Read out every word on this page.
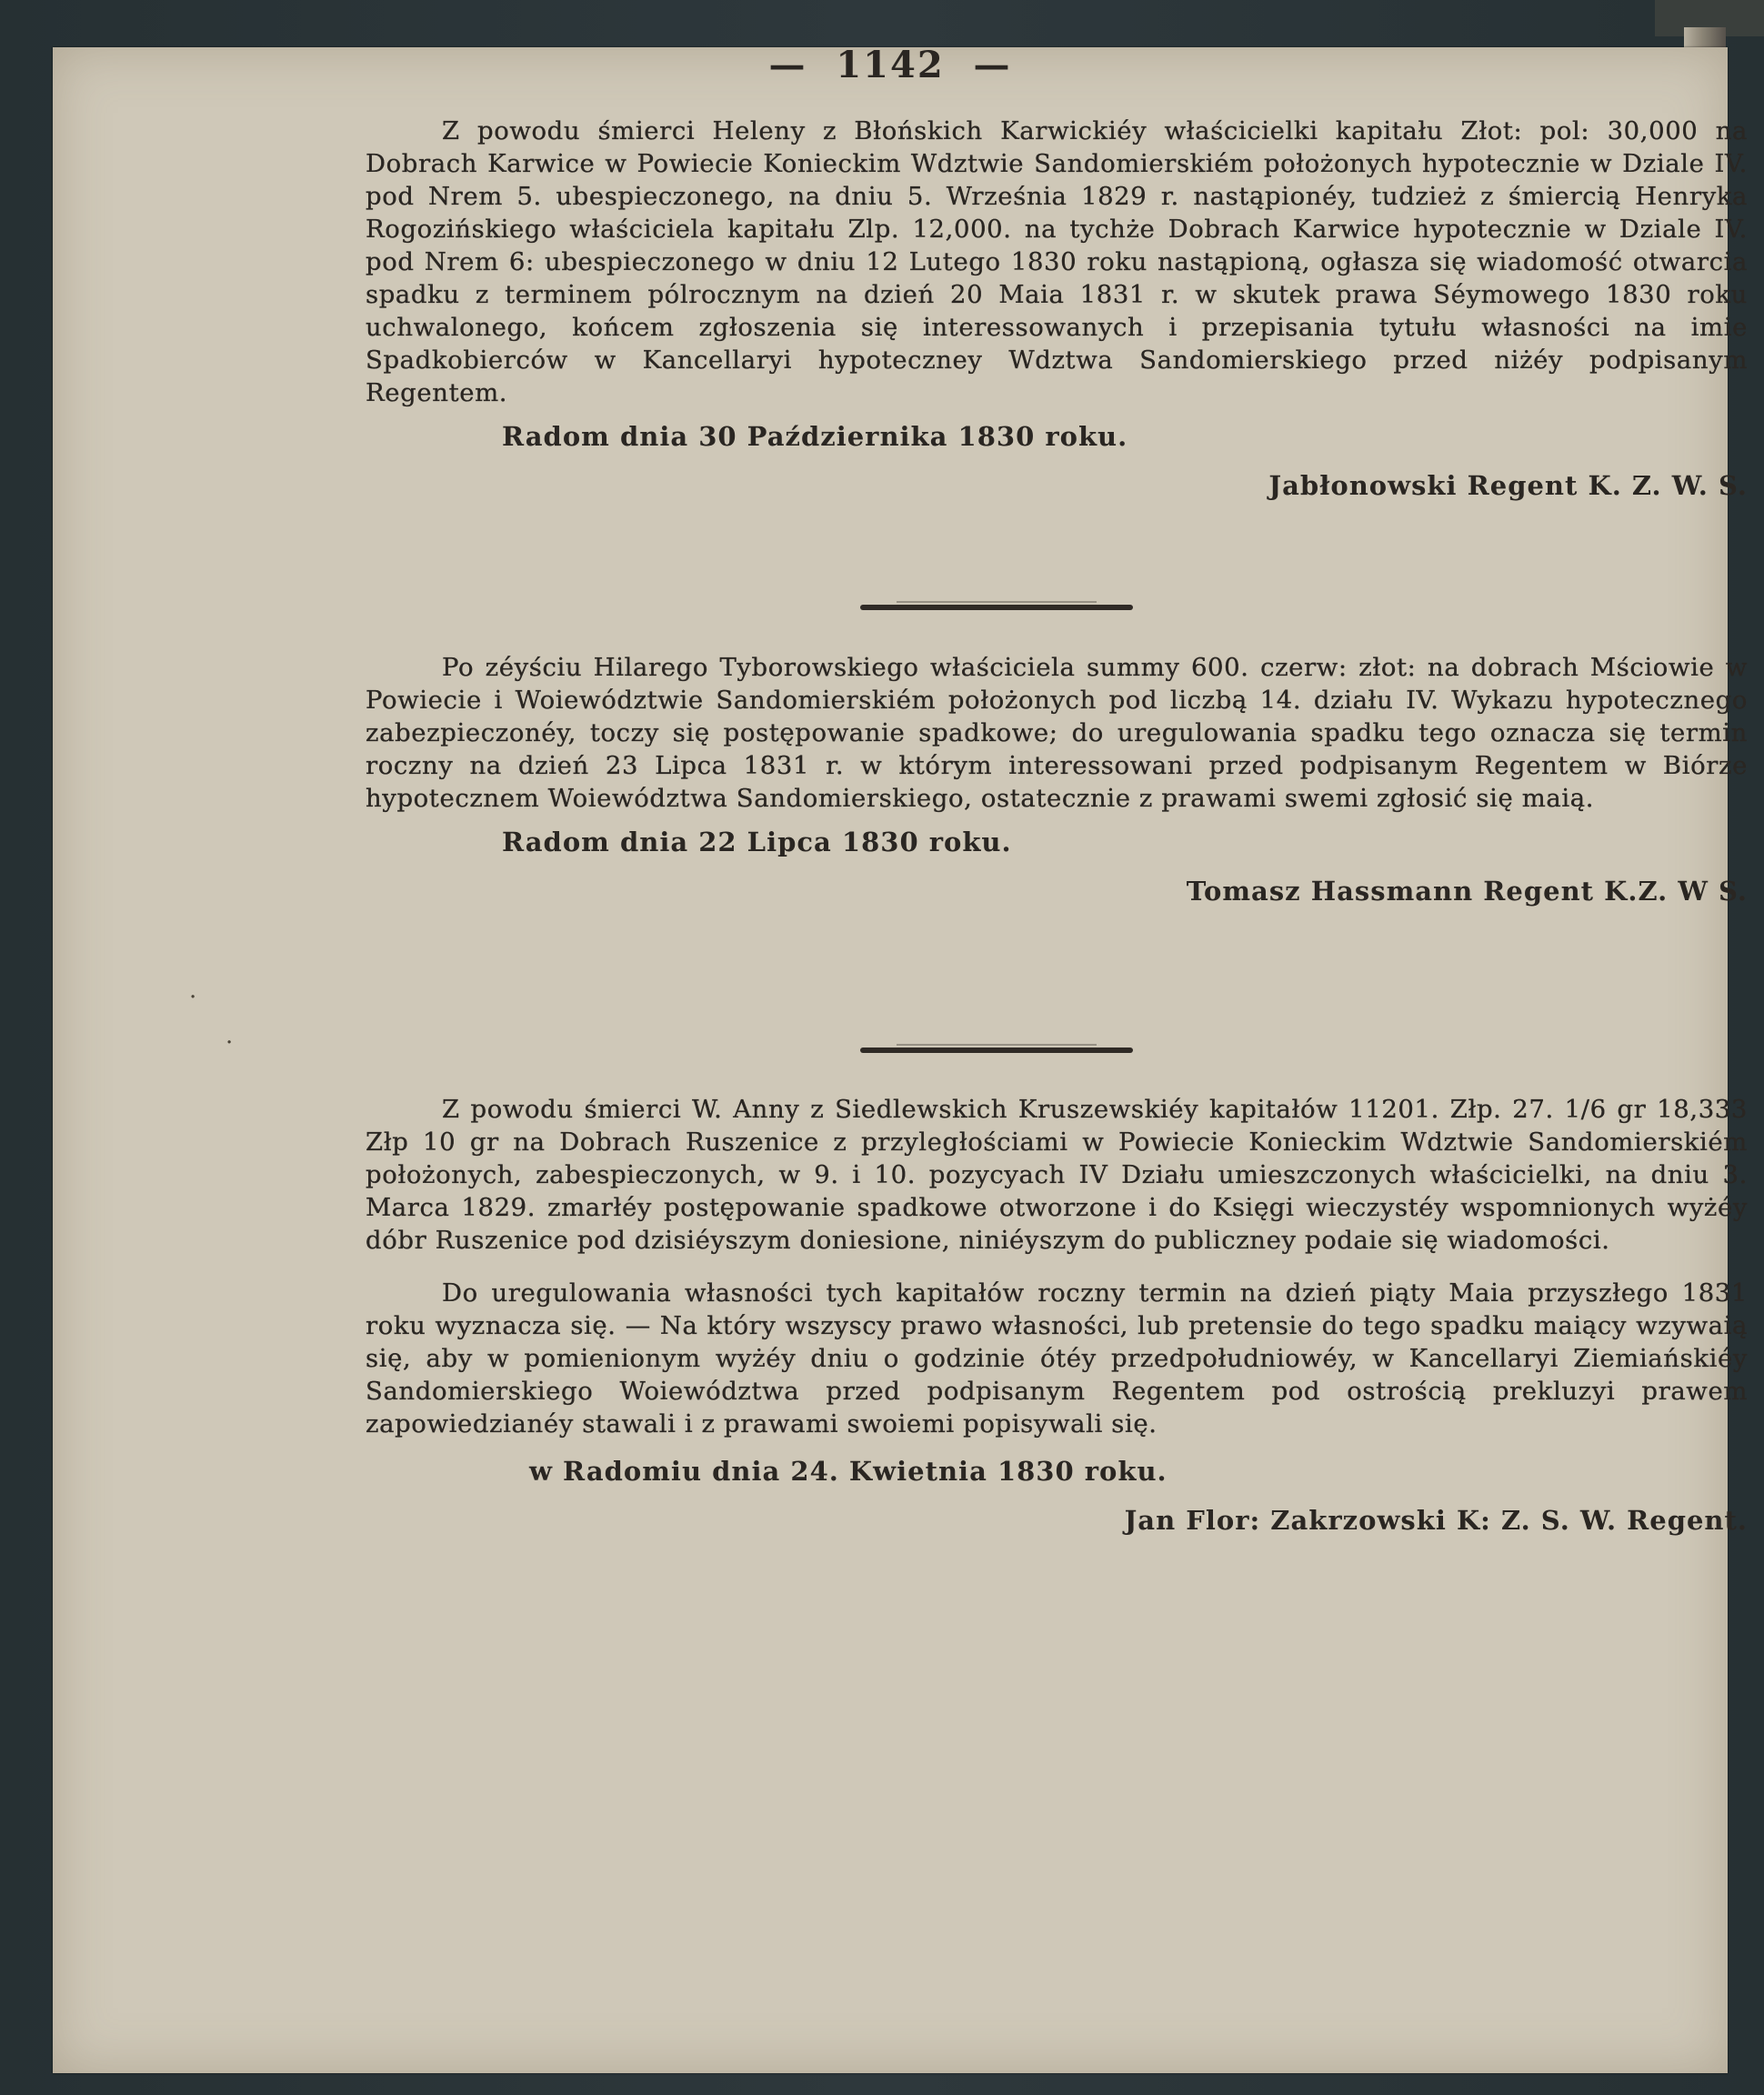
—  1142  —

Z powodu śmierci Heleny z Błońskich Karwickiéy właścicielki kapitału Złot: pol: 30,000 na Dobrach Karwice w Powiecie Konieckim Wdztwie Sandomierskiém położonych hypotecznie w Dziale IV. pod Nrem 5. ubespieczonego, na dniu 5. Września 1829 r. nastąpionéy, tudzież z śmiercią Henryka Rogozińskiego właściciela kapitału Zlp. 12,000. na tychże Dobrach Karwice hypotecznie w Dziale IV. pod Nrem 6: ubespieczonego w dniu 12 Lutego 1830 roku nastąpioną, ogłasza się wiadomość otwarcia spadku z terminem pólrocznym na dzień 20 Maia 1831 r. w skutek prawa Séymowego 1830 roku uchwalonego, końcem zgłoszenia się interessowanych i przepisania tytułu własności na imie Spadkobierców w Kancellaryi hypoteczney Wdztwa Sandomierskiego przed niżéy podpisanym Regentem.

Radom dnia 30 Października 1830 roku.

Jabłonowski Regent K. Z. W. S.

Po zéyściu Hilarego Tyborowskiego właściciela summy 600. czerw: złot: na dobrach Mściowie w Powiecie i Woiewództwie Sandomierskiém położonych pod liczbą 14. działu IV. Wykazu hypotecznego zabezpieczonéy, toczy się postępowanie spadkowe; do uregulowania spadku tego oznacza się termin roczny na dzień 23 Lipca 1831 r. w którym interessowani przed podpisanym Regentem w Biórze hypotecznem Woiewództwa Sandomierskiego, ostatecznie z prawami swemi zgłosić się maią.

Radom dnia 22 Lipca 1830 roku.

Tomasz Hassmann Regent K.Z. W S.

Z powodu śmierci W. Anny z Siedlewskich Kruszewskiéy kapitałów 11201. Złp. 27. 1/6 gr 18,333 Złp 10 gr na Dobrach Ruszenice z przyległościami w Powiecie Konieckim Wdztwie Sandomierskiém położonych, zabespieczonych, w 9. i 10. pozycyach IV Działu umieszczonych właścicielki, na dniu 3. Marca 1829. zmarłéy postępowanie spadkowe otworzone i do Księgi wieczystéy wspomnionych wyżéy dóbr Ruszenice pod dzisiéyszym doniesione, niniéyszym do publiczney podaie się wiadomości.

Do uregulowania własności tych kapitałów roczny termin na dzień piąty Maia przyszłego 1831 roku wyznacza się. — Na który wszyscy prawo własności, lub pretensie do tego spadku maiący wzywaią się, aby w pomienionym wyżéy dniu o godzinie ótéy przedpołudniowéy, w Kancellaryi Ziemiańskiéy Sandomierskiego Woiewództwa przed podpisanym Regentem pod ostrością prekluzyi prawem zapowiedzianéy stawali i z prawami swoiemi popisywali się.

w Radomiu dnia 24. Kwietnia 1830 roku.

Jan Flor: Zakrzowski K: Z. S. W. Regent.

·
·
